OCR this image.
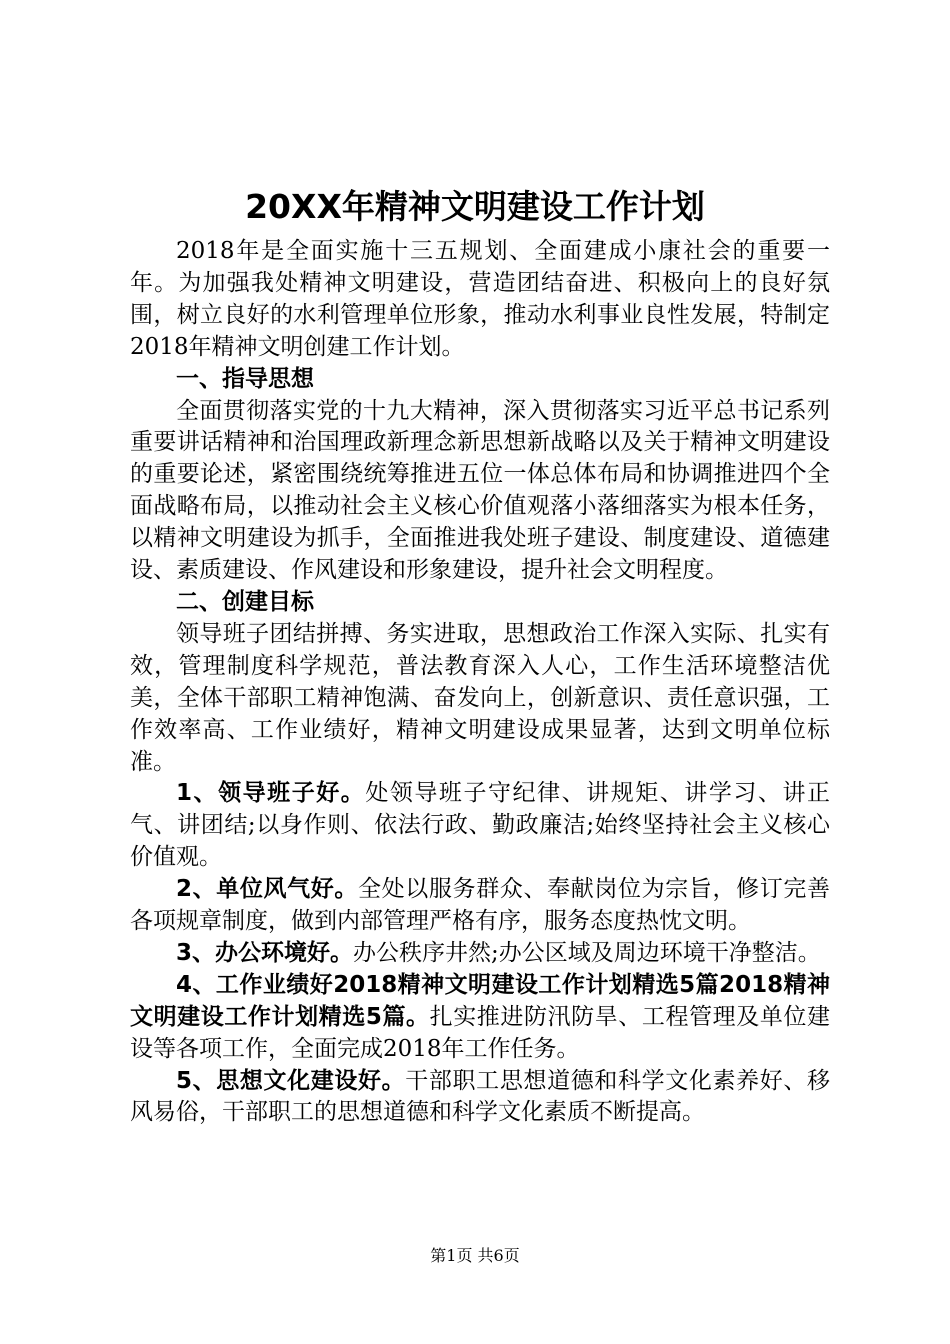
20XX年精神文明建设工作计划

2018年是全面实施十三五规划、全面建成小康社会的重要一年。为加强我处精神文明建设，营造团结奋进、积极向上的良好氛围，树立良好的水利管理单位形象，推动水利事业良性发展，特制定2018年精神文明创建工作计划。

一、指导思想

全面贯彻落实党的十九大精神，深入贯彻落实习近平总书记系列重要讲话精神和治国理政新理念新思想新战略以及关于精神文明建设的重要论述，紧密围绕统筹推进五位一体总体布局和协调推进四个全面战略布局，以推动社会主义核心价值观落小落细落实为根本任务，以精神文明建设为抓手，全面推进我处班子建设、制度建设、道德建设、素质建设、作风建设和形象建设，提升社会文明程度。

二、创建目标

领导班子团结拼搏、务实进取，思想政治工作深入实际、扎实有效，管理制度科学规范，普法教育深入人心，工作生活环境整洁优美，全体干部职工精神饱满、奋发向上，创新意识、责任意识强，工作效率高、工作业绩好，精神文明建设成果显著，达到文明单位标准。

1、领导班子好。处领导班子守纪律、讲规矩、讲学习、讲正气、讲团结;以身作则、依法行政、勤政廉洁;始终坚持社会主义核心价值观。

2、单位风气好。全处以服务群众、奉献岗位为宗旨，修订完善各项规章制度，做到内部管理严格有序，服务态度热忱文明。

3、办公环境好。办公秩序井然;办公区域及周边环境干净整洁。

4、工作业绩好2018精神文明建设工作计划精选5篇2018精神文明建设工作计划精选5篇。扎实推进防汛防旱、工程管理及单位建设等各项工作，全面完成2018年工作任务。

5、思想文化建设好。干部职工思想道德和科学文化素养好、移风易俗，干部职工的思想道德和科学文化素质不断提高。

第1页 共6页
